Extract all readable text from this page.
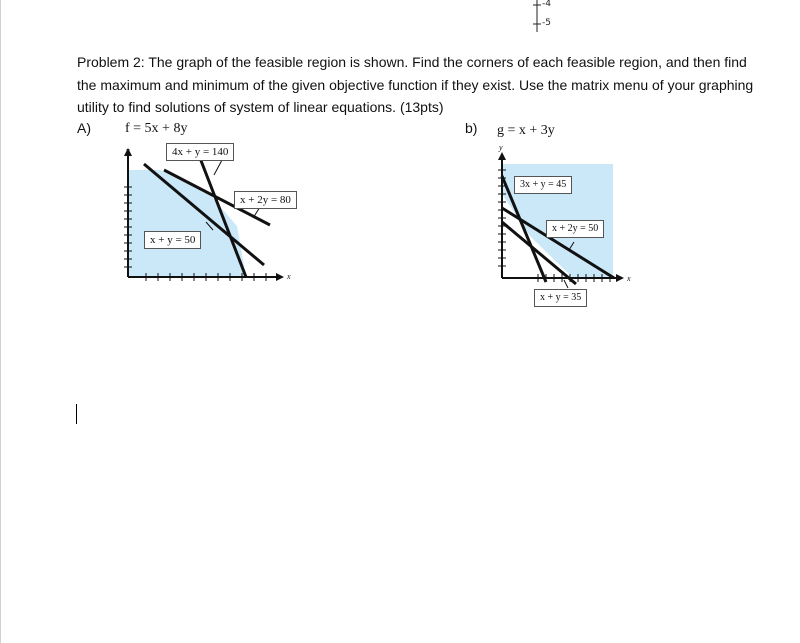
-4
-5
Problem 2: The graph of the feasible region is shown. Find the corners of each feasible region, and then find the maximum and minimum of the given objective function if they exist. Use the matrix menu of your graphing utility to find solutions of system of linear equations. (13pts)
A) f = 5x + 8y
y
x
4x + y = 140
x + 2y = 80
x + y = 50
b) g = x + 3y
y
x
3x + y = 45
x + 2y = 50
x + y = 35
